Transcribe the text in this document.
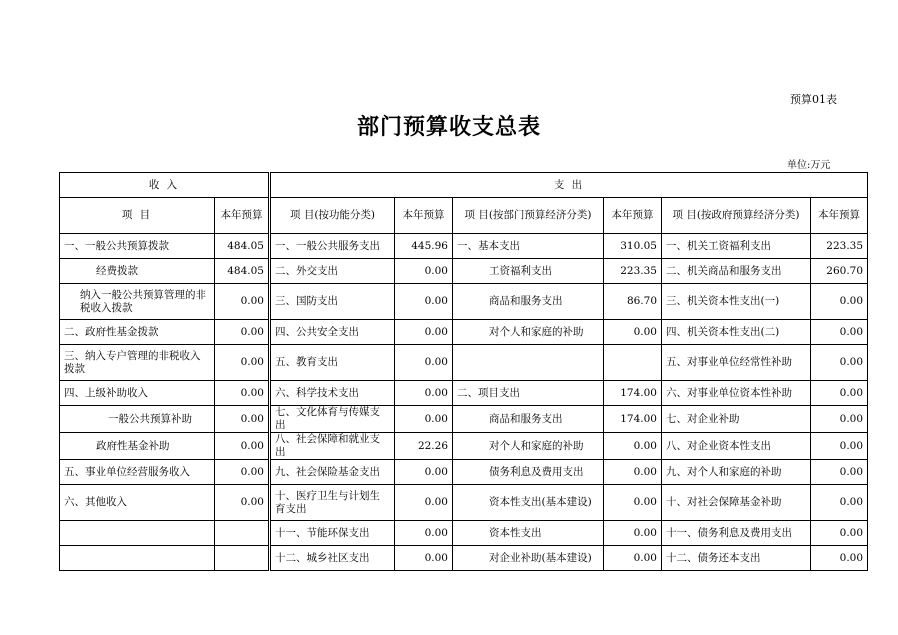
预算01表
部门预算收支总表
单位:万元
收 入		支 出					
项 目	本年预算	项 目(按功能分类)	本年预算	项 目(按部门预算经济分类)	本年预算	项 目(按政府预算经济分类)	本年预算
一、一般公共预算拨款	484.05	一、一般公共服务支出	445.96	一、基本支出	310.05	一、机关工资福利支出	223.35
经费拨款	484.05	二、外交支出	0.00	工资福利支出	223.35	二、机关商品和服务支出	260.70
纳入一般公共预算管理的非税收入拨款	0.00	三、国防支出	0.00	商品和服务支出	86.70	三、机关资本性支出(一)	0.00
二、政府性基金拨款	0.00	四、公共安全支出	0.00	对个人和家庭的补助	0.00	四、机关资本性支出(二)	0.00
三、纳入专户管理的非税收入拨款	0.00	五、教育支出	0.00			五、对事业单位经常性补助	0.00
四、上级补助收入	0.00	六、科学技术支出	0.00	二、项目支出	174.00	六、对事业单位资本性补助	0.00
一般公共预算补助	0.00	七、文化体育与传媒支出	0.00	商品和服务支出	174.00	七、对企业补助	0.00
政府性基金补助	0.00	八、社会保障和就业支出	22.26	对个人和家庭的补助	0.00	八、对企业资本性支出	0.00
五、事业单位经营服务收入	0.00	九、社会保险基金支出	0.00	债务利息及费用支出	0.00	九、对个人和家庭的补助	0.00
六、其他收入	0.00	十、医疗卫生与计划生育支出	0.00	资本性支出(基本建设)	0.00	十、对社会保障基金补助	0.00
		十一、节能环保支出	0.00	资本性支出	0.00	十一、债务利息及费用支出	0.00
		十二、城乡社区支出	0.00	对企业补助(基本建设)	0.00	十二、债务还本支出	0.00
